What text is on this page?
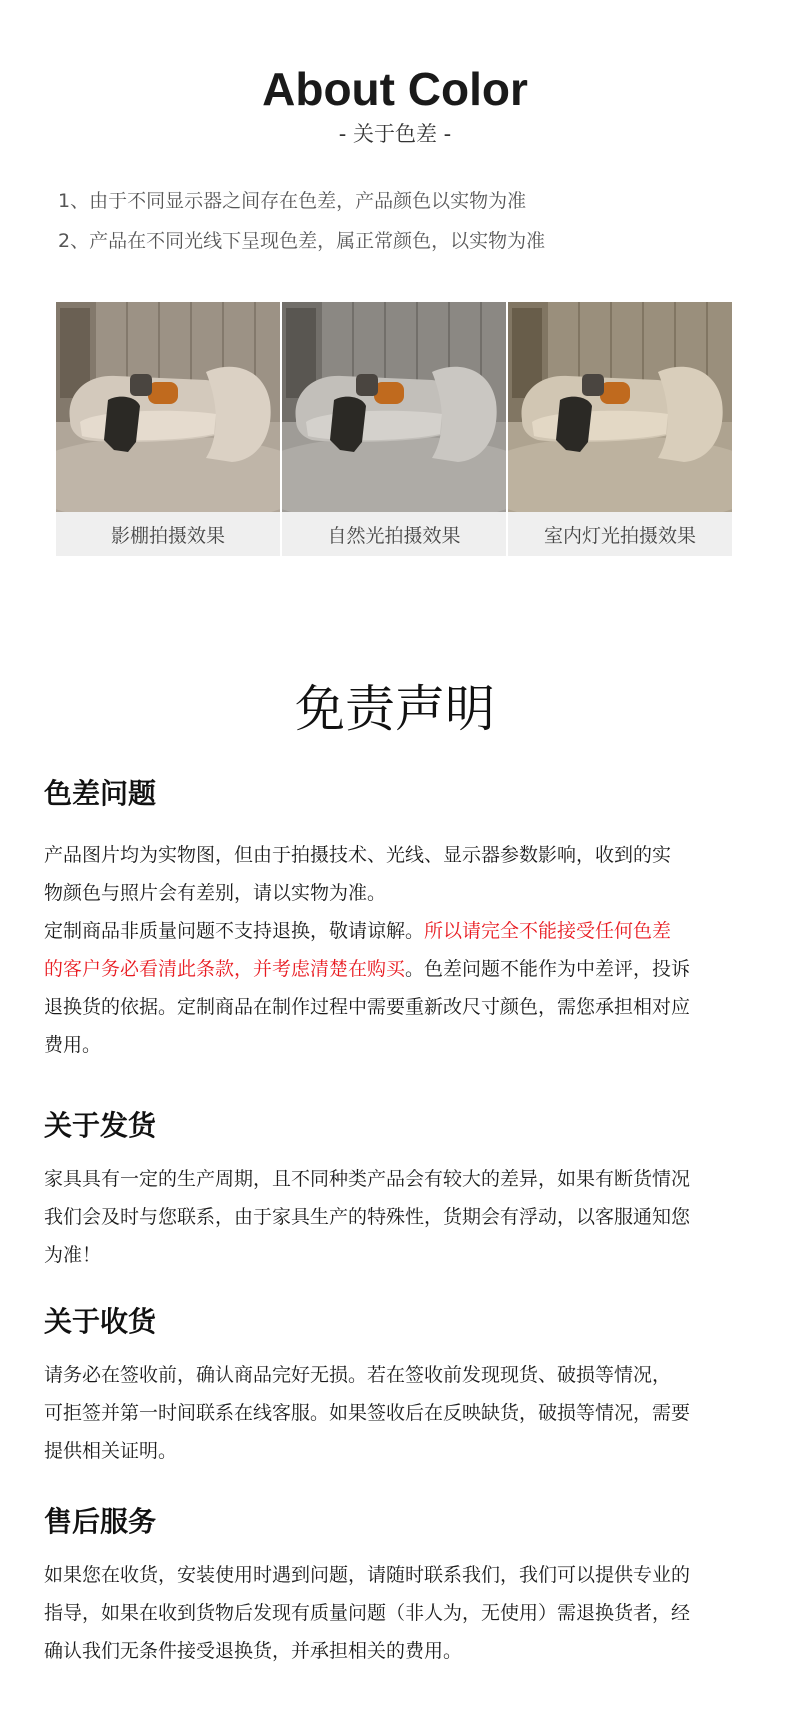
About Color
- 关于色差 -
1、由于不同显示器之间存在色差，产品颜色以实物为准
2、产品在不同光线下呈现色差，属正常颜色，以实物为准
影棚拍摄效果	自然光拍摄效果	室内灯光拍摄效果
免责声明
色差问题
产品图片均为实物图，但由于拍摄技术、光线、显示器参数影响，收到的实
物颜色与照片会有差别，请以实物为准。
定制商品非质量问题不支持退换，敬请谅解。所以请完全不能接受任何色差
的客户务必看清此条款，并考虑清楚在购买。色差问题不能作为中差评，投诉
退换货的依据。定制商品在制作过程中需要重新改尺寸颜色，需您承担相对应
费用。
关于发货
家具具有一定的生产周期，且不同种类产品会有较大的差异，如果有断货情况
我们会及时与您联系，由于家具生产的特殊性，货期会有浮动，以客服通知您
为准！
关于收货
请务必在签收前，确认商品完好无损。若在签收前发现现货、破损等情况，
可拒签并第一时间联系在线客服。如果签收后在反映缺货，破损等情况，需要
提供相关证明。
售后服务
如果您在收货，安装使用时遇到问题，请随时联系我们，我们可以提供专业的
指导，如果在收到货物后发现有质量问题（非人为，无使用）需退换货者，经
确认我们无条件接受退换货，并承担相关的费用。
